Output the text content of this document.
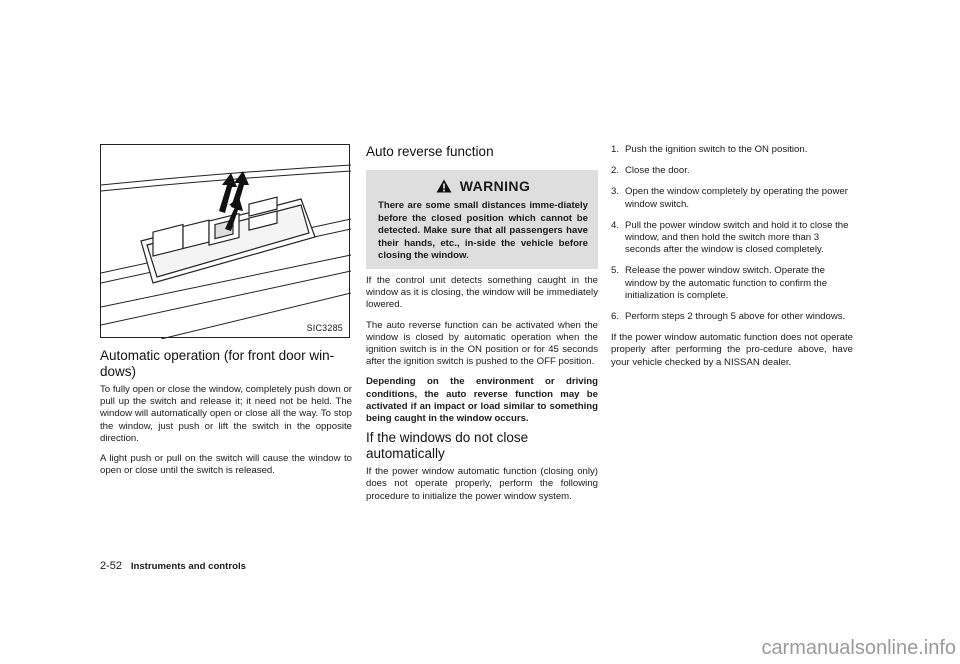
SIC3285
Automatic operation (for front door win-dows)

To fully open or close the window, completely push down or pull up the switch and release it; it need not be held. The window will automatically open or close all the way. To stop the window, just push or lift the switch in the opposite direction.

A light push or pull on the switch will cause the window to open or close until the switch is released.

Auto reverse function
WARNING

There are some small distances imme-diately before the closed position which cannot be detected. Make sure that all passengers have their hands, etc., in-side the vehicle before closing the window.

If the control unit detects something caught in the window as it is closing, the window will be immediately lowered.

The auto reverse function can be activated when the window is closed by automatic operation when the ignition switch is in the ON position or for 45 seconds after the ignition switch is pushed to the OFF position.

Depending on the environment or driving conditions, the auto reverse function may be activated if an impact or load similar to something being caught in the window occurs.

If the windows do not close automatically

If the power window automatic function (closing only) does not operate properly, perform the following procedure to initialize the power window system.

1. Push the ignition switch to the ON position.
2. Close the door.
3. Open the window completely by operating the power window switch.
4. Pull the power window switch and hold it to close the window, and then hold the switch more than 3 seconds after the window is closed completely.
5. Release the power window switch. Operate the window by the automatic function to confirm the initialization is complete.
6. Perform steps 2 through 5 above for other windows.

If the power window automatic function does not operate properly after performing the pro-cedure above, have your vehicle checked by a NISSAN dealer.

2-52 Instruments and controls
carmanualsonline.info
